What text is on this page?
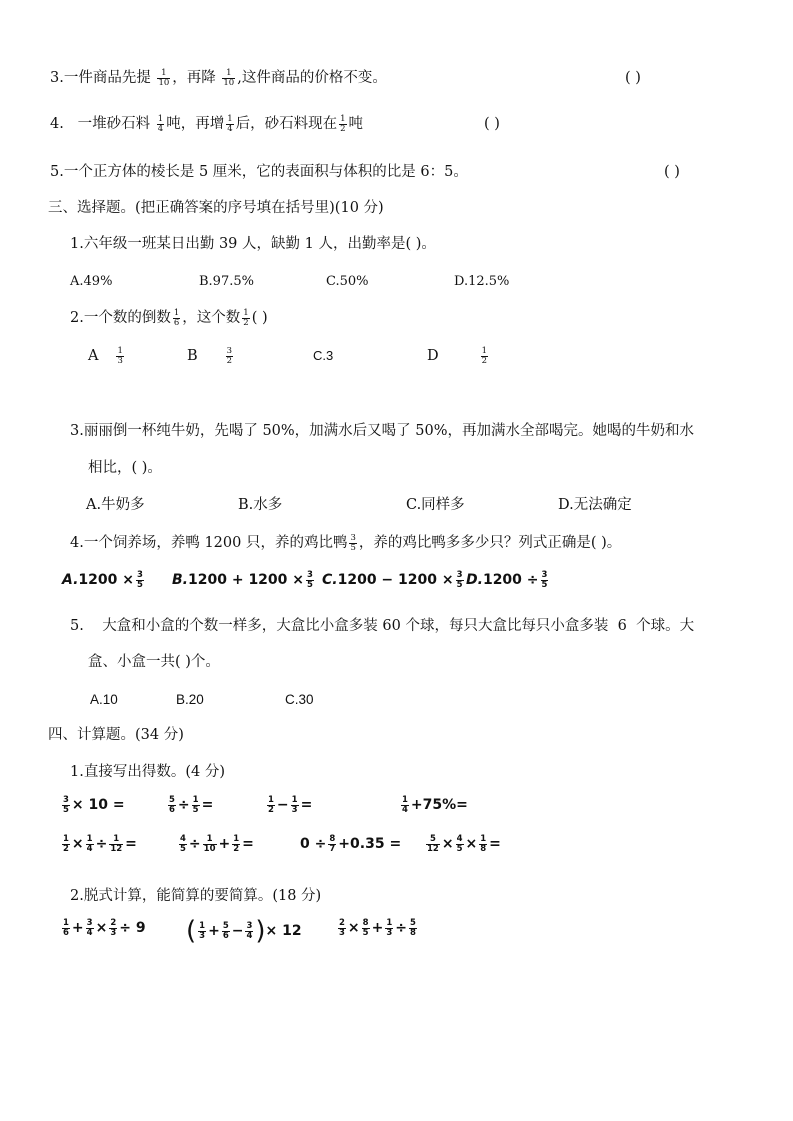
3.一件商品先提 $\frac{1}{10}$ ，再降 $\frac{1}{10}$ ,这件商品的价格不变。	( )
4.   一堆砂石料 $\frac{1}{4}$ 吨，再增 $\frac{1}{4}$ 后，砂石料现在 $\frac{1}{2}$ 吨	( )
5.一个正方体的棱长是 5 厘米，它的表面积与体积的比是 6：5。	( )
三、选择题。(把正确答案的序号填在括号里)(10 分)
1.六年级一班某日出勤 39 人，缺勤 1 人，出勤率是( )。
A.49%	B.97.5%	C.50%	D.12.5%
2.一个数的倒数 $\frac{1}{6}$ ，这个数 $\frac{1}{2}$ ( )
A $\frac{1}{3}$	B	$\frac{3}{2}$	C.3	D	$\frac{1}{2}$
3.丽丽倒一杯纯牛奶，先喝了 50%，加满水后又喝了 50%，再加满水全部喝完。她喝的牛奶和水
相比，( )。
A.牛奶多	B.水多	C.同样多	D.无法确定
4.一个饲养场，养鸭 1200 只，养的鸡比鸭 $\frac{3}{5}$ ，养的鸡比鸭多多少只？列式正确是( )。
$A.1200 \times \frac{3}{5} B.1200 + 1200 \times \frac{3}{5} C.1200 - 1200 \times \frac{3}{5} D.1200 \div \frac{3}{5}$
5.    大盒和小盒的个数一样多，大盒比小盒多装 60 个球，每只大盒比每只小盒多装  6  个球。大
盒、小盒一共( )个。
A.10	B.20	C.30
四、计算题。(34 分)
1.直接写出得数。(4 分)
$\frac{3}{5} \times 10$ =	$\frac{5}{6} \div \frac{1}{5}$ =	$\frac{1}{2} - \frac{1}{3}$ =	$\frac{1}{4} +75\%=$
$\frac{1}{2} \times \frac{1}{4} \div \frac{1}{12}$ =	$\frac{4}{5} \div \frac{1}{10} + \frac{1}{2}$ =	$0 \div \frac{8}{7} +0.35$ =	$\frac{5}{12} \times \frac{4}{5} \times \frac{1}{8}$ =
2.脱式计算，能简算的要简算。(18 分)
$\frac{1}{6} + \frac{3}{4} \times \frac{2}{3} \div 9$ ( $\frac{1}{3} + \frac{5}{6} - \frac{3}{4}$ )× 12	$\frac{2}{3} \times \frac{8}{5} + \frac{1}{3} \div \frac{5}{8}$
